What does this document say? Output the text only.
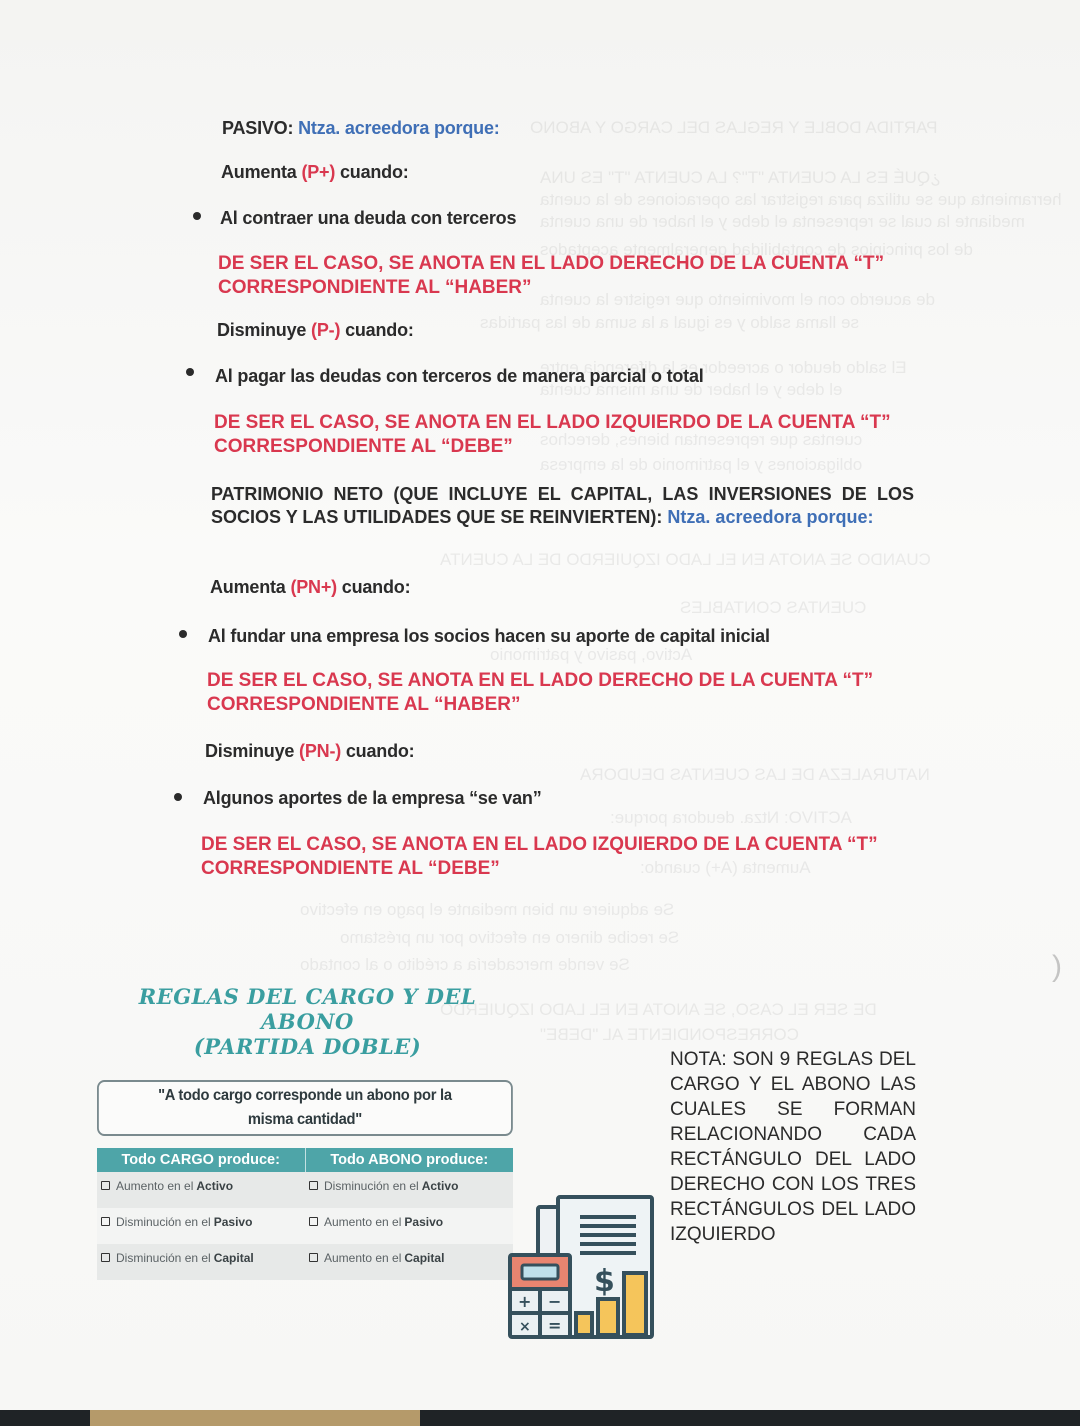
PARTIDA DOBLE Y REGLAS DEL CARGO Y ABONO
¿QUÉ ES LA CUENTA "T"? LA CUENTA "T" ES UNA
herramienta que se utiliza para registrar las operaciones de la cuenta
mediante la cual se representa el debe y el haber de una cuenta
de los principios de contabilidad generalmente aceptados
de acuerdo con el movimiento que registre la cuenta
se llama saldo y es igual a la suma de las partidas
El saldo deudor o acreedor es la diferencia entre
el debe y el haber de una misma cuenta
cuentas que representan bienes, derechos
obligaciones y el patrimonio de la empresa
CUANDO SE ANOTA EN EL LADO IZQUIERDO DE LA CUENTA
CUENTAS CONTABLES
Activo, pasivo y patrimonio
NATURALEZA DE LAS CUENTAS DEUDORA
ACTIVO: Ntza. deudora porque:
Aumenta (A+) cuando:
Se adquiere un bien mediante el pago en efectivo
Se recibe dinero en efectivo por un préstamo
Se vende mercadería a crédito o al contado
DE SER EL CASO, SE ANOTA EN EL LADO IZQUIERDO
CORRESPONDIENTE AL "DEBE"
PASIVO: Ntza. acreedora porque:
Aumenta (P+) cuando:
Al contraer una deuda con terceros
DE SER EL CASO, SE ANOTA EN EL LADO DERECHO DE LA CUENTA “T”
CORRESPONDIENTE AL “HABER”
Disminuye (P-) cuando:
Al pagar las deudas con terceros de manera parcial o total
DE SER EL CASO, SE ANOTA EN EL LADO IZQUIERDO DE LA CUENTA “T”
CORRESPONDIENTE AL “DEBE”
PATRIMONIO NETO (QUE INCLUYE EL CAPITAL, LAS INVERSIONES DE LOS SOCIOS Y LAS UTILIDADES QUE SE REINVIERTEN): Ntza. acreedora porque:
Aumenta (PN+) cuando:
Al fundar una empresa los socios hacen su aporte de capital inicial
DE SER EL CASO, SE ANOTA EN EL LADO DERECHO DE LA CUENTA “T”
CORRESPONDIENTE AL “HABER”
Disminuye (PN-) cuando:
Algunos aportes de la empresa “se van”
DE SER EL CASO, SE ANOTA EN EL LADO IZQUIERDO DE LA CUENTA “T”
CORRESPONDIENTE AL “DEBE”
)
REGLAS DEL CARGO Y DEL ABONO
(PARTIDA DOBLE)
"A todo cargo corresponde un abono por la
misma cantidad"
Todo CARGO produce:	Todo ABONO produce:
Aumento en el Activo	Disminución en el Activo
Disminución en el Pasivo	Aumento en el Pasivo
Disminución en el Capital	Aumento en el Capital
NOTA: SON 9 REGLAS DEL CARGO Y EL ABONO LAS CUALES SE FORMAN RELACIONANDO CADA RECTÁNGULO DEL LADO DERECHO CON LOS TRES RECTÁNGULOS DEL LADO IZQUIERDO
$
+ −
× =
